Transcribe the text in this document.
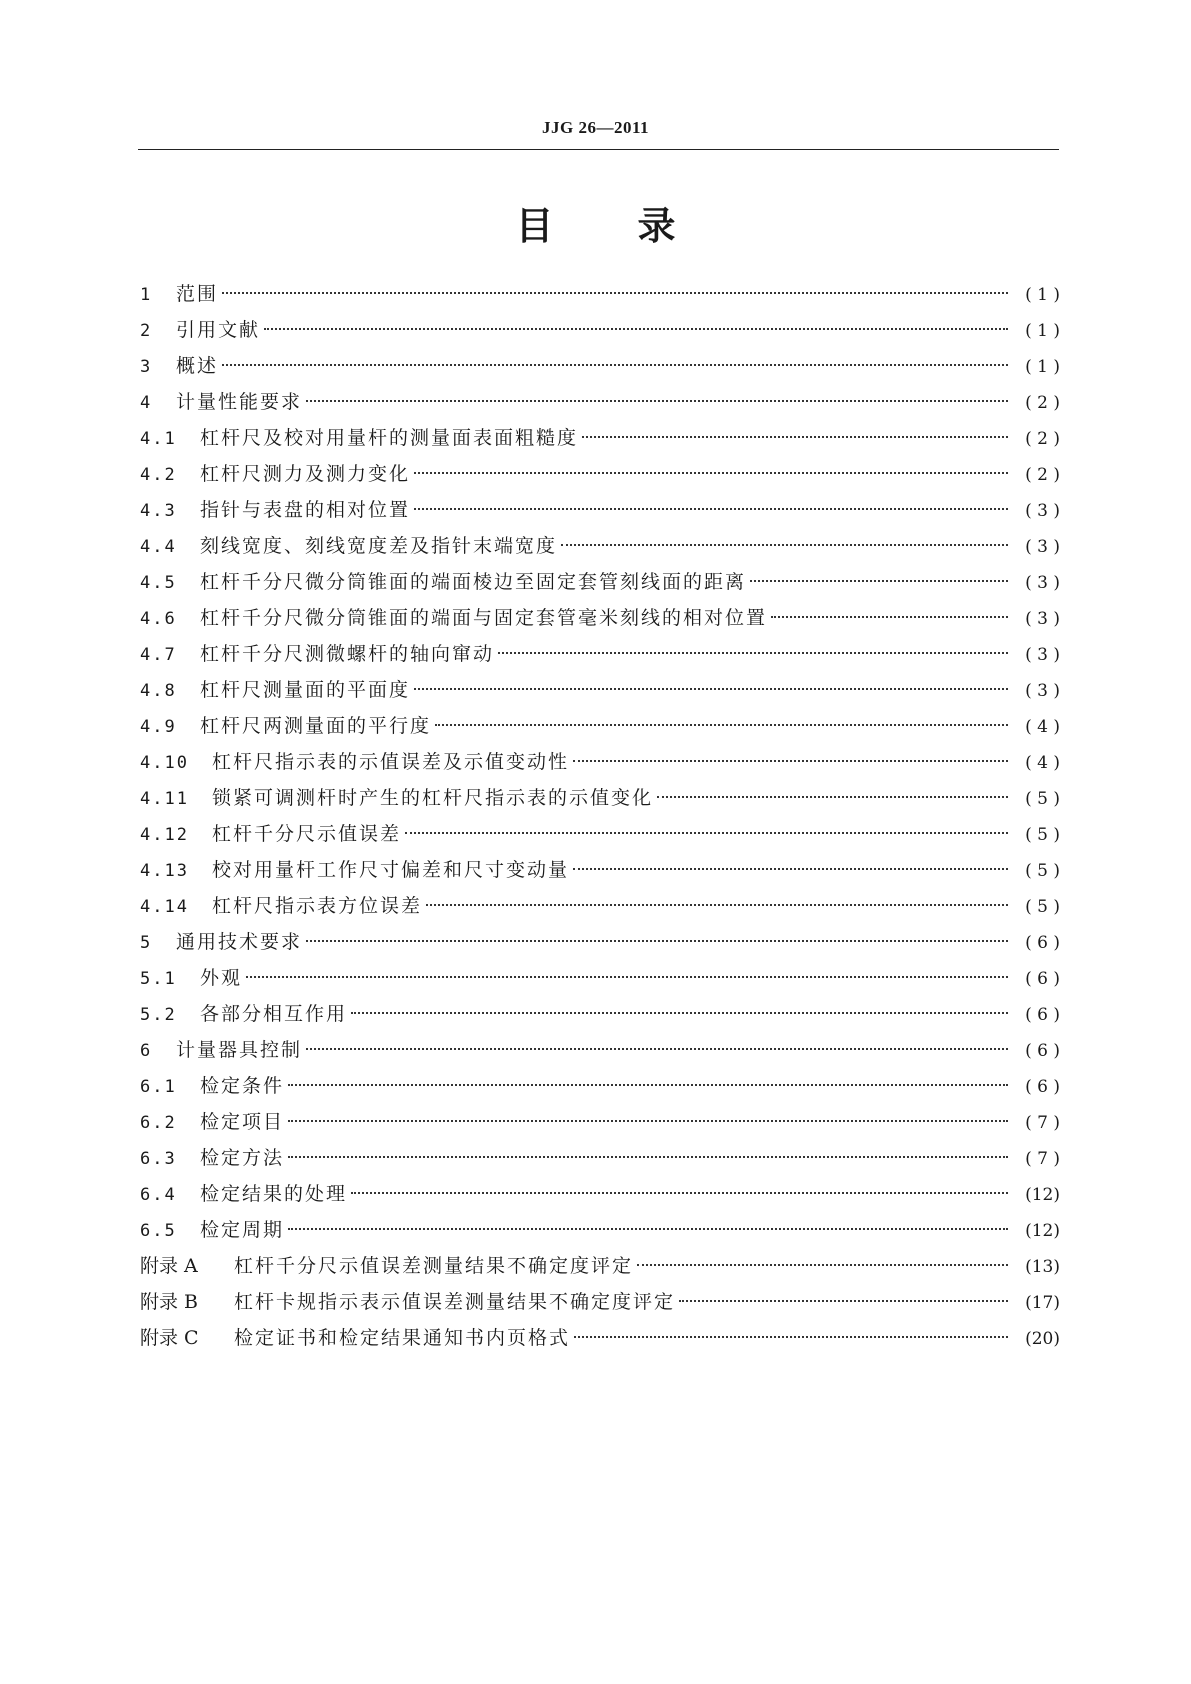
JJG 26—2011
目 录
1	范围	( 1 )
2	引用文献	( 1 )
3	概述	( 1 )
4	计量性能要求	( 2 )
4.1	杠杆尺及校对用量杆的测量面表面粗糙度	( 2 )
4.2	杠杆尺测力及测力变化	( 2 )
4.3	指针与表盘的相对位置	( 3 )
4.4	刻线宽度、刻线宽度差及指针末端宽度	( 3 )
4.5	杠杆千分尺微分筒锥面的端面棱边至固定套管刻线面的距离	( 3 )
4.6	杠杆千分尺微分筒锥面的端面与固定套管毫米刻线的相对位置	( 3 )
4.7	杠杆千分尺测微螺杆的轴向窜动	( 3 )
4.8	杠杆尺测量面的平面度	( 3 )
4.9	杠杆尺两测量面的平行度	( 4 )
4.10	杠杆尺指示表的示值误差及示值变动性	( 4 )
4.11	锁紧可调测杆时产生的杠杆尺指示表的示值变化	( 5 )
4.12	杠杆千分尺示值误差	( 5 )
4.13	校对用量杆工作尺寸偏差和尺寸变动量	( 5 )
4.14	杠杆尺指示表方位误差	( 5 )
5	通用技术要求	( 6 )
5.1	外观	( 6 )
5.2	各部分相互作用	( 6 )
6	计量器具控制	( 6 )
6.1	检定条件	( 6 )
6.2	检定项目	( 7 )
6.3	检定方法	( 7 )
6.4	检定结果的处理	(12)
6.5	检定周期	(12)
附录 A	杠杆千分尺示值误差测量结果不确定度评定	(13)
附录 B	杠杆卡规指示表示值误差测量结果不确定度评定	(17)
附录 C	检定证书和检定结果通知书内页格式	(20)
